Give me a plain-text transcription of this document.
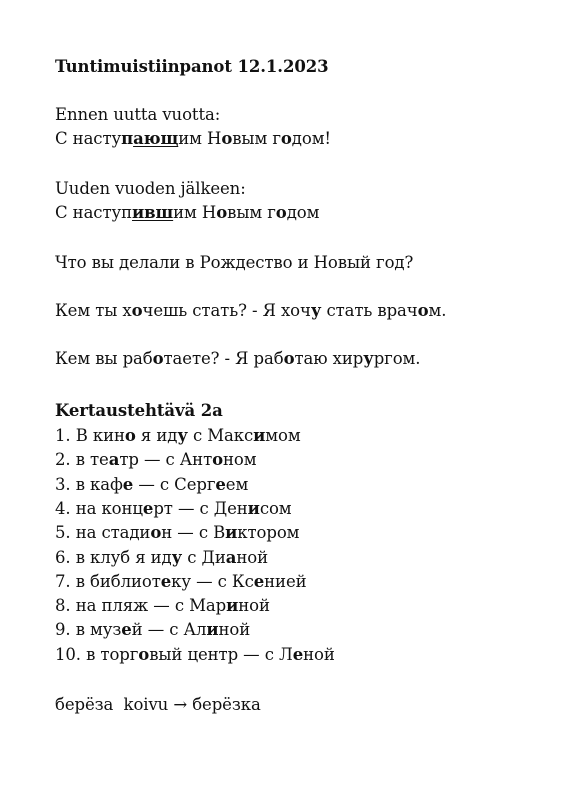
Tuntimuistiinpanot 12.1.2023
Ennen uutta vuotta:
С наступающим Новым годом!
Uuden vuoden jälkeen:
С наступившим Новым годом
Что вы делали в Рождество и Новый год?
Кем ты хочешь стать? - Я хочу стать врачом.
Кем вы работаете? - Я работаю хирургом.
Kertaustehtävä 2a
1. В кино я иду с Максимом
2. в театр — с Антоном
3. в кафе — с Сергеем
4. на концерт — с Денисом
5. на стадион — с Виктором
6. в клуб я иду с Дианой
7. в библиотеку — с Ксенией
8. на пляж — с Мариной
9. в музей — с Алиной
10. в торговый центр — с Леной
берёза  koivu → берёзка
